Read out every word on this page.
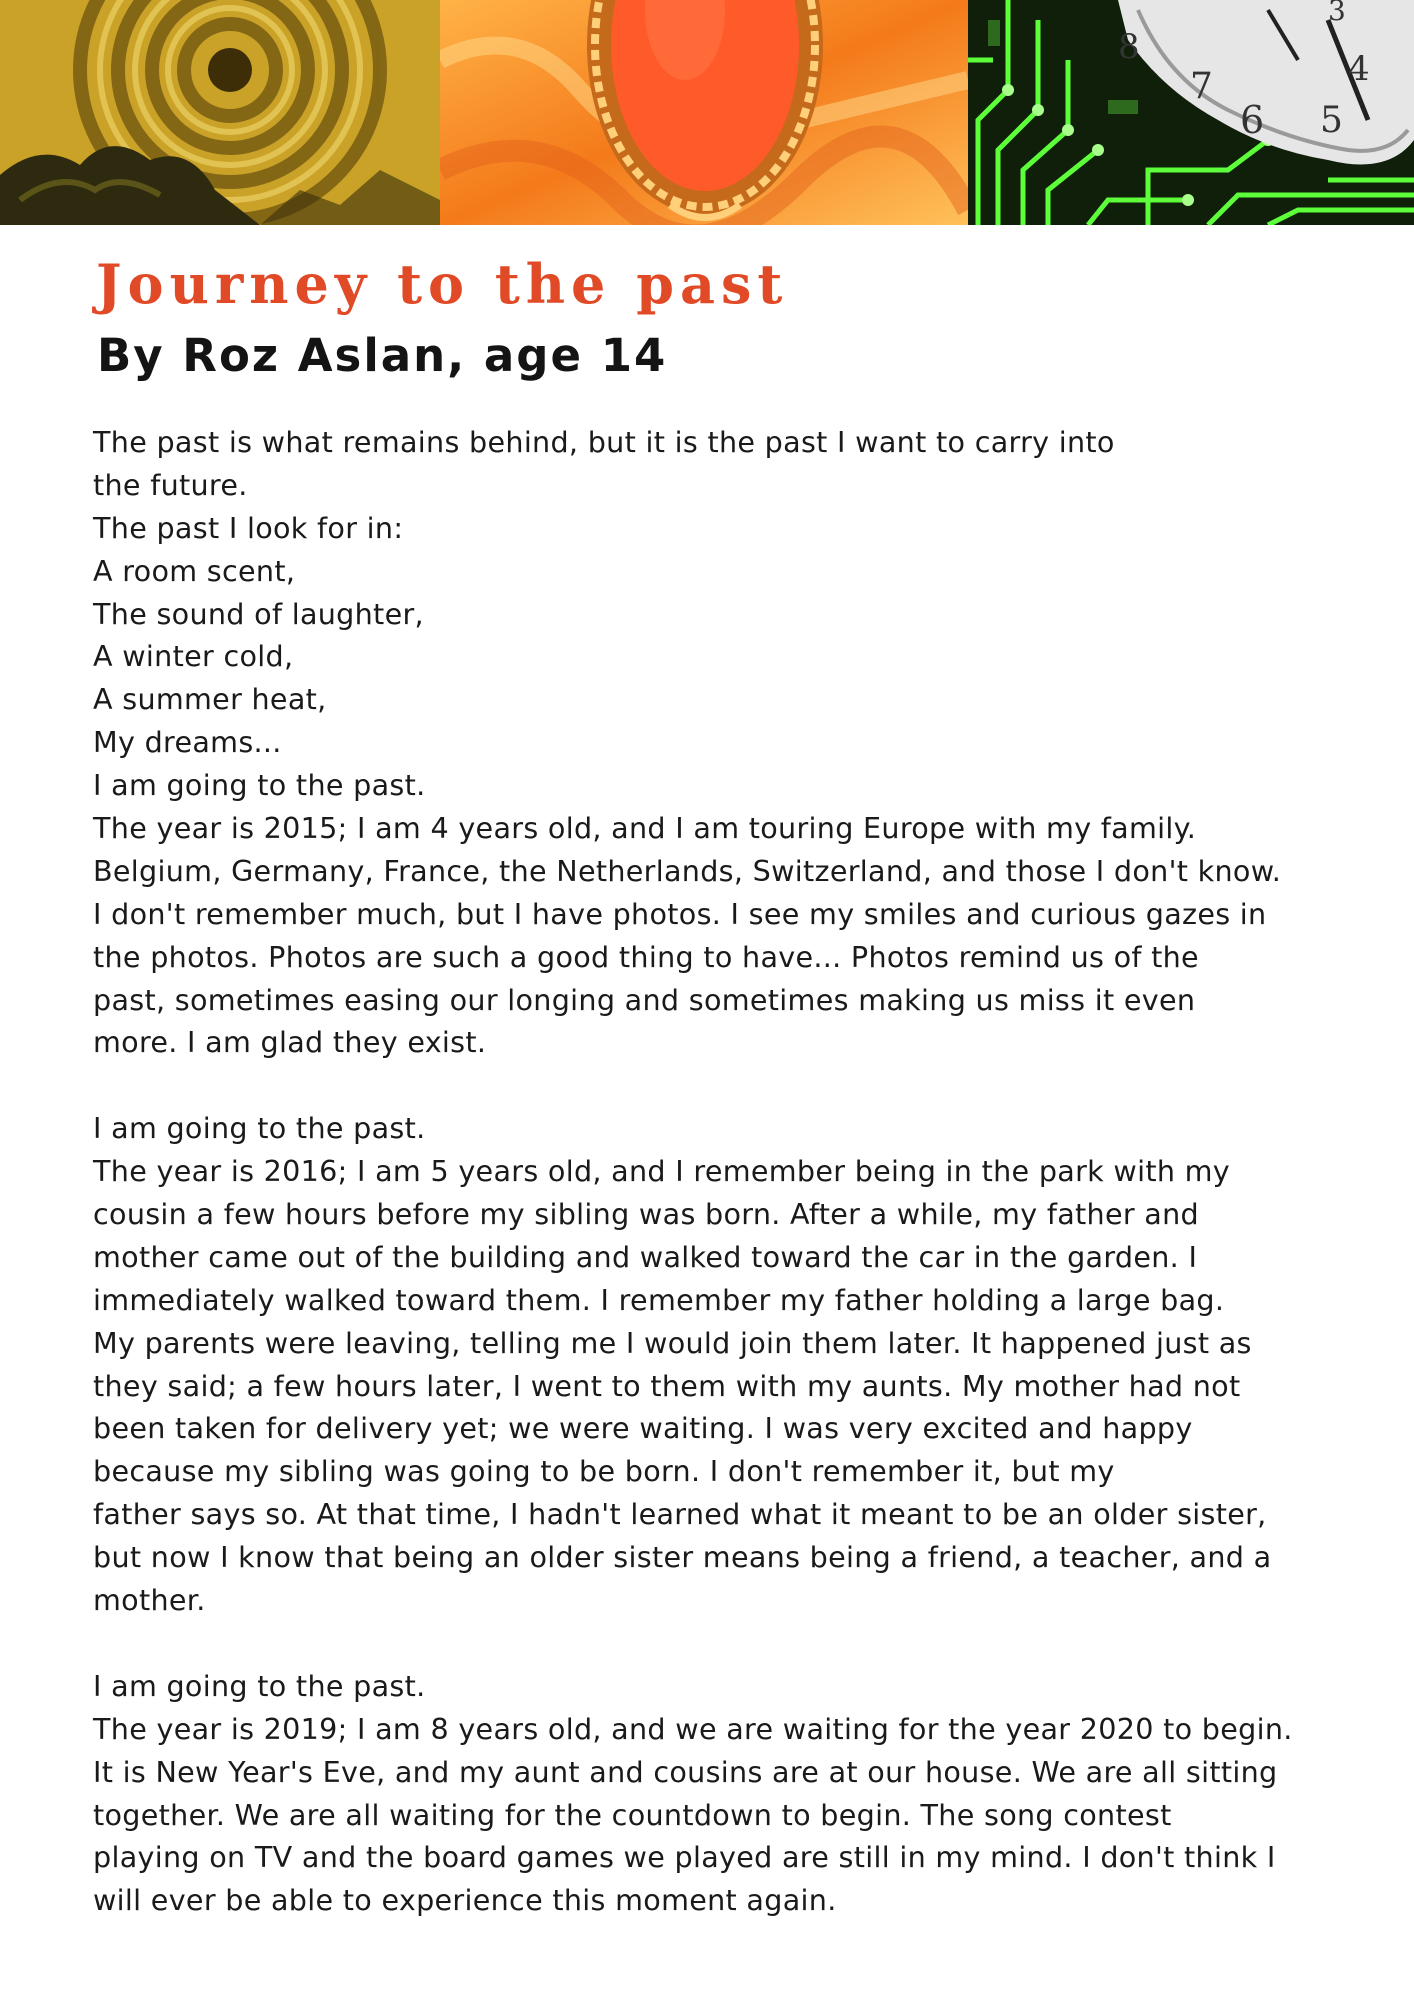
8
7
6 5
4
3
Journey to the past
By Roz Aslan, age 14
The past is what remains behind, but it is the past I want to carry into
the future.
The past I look for in:
A room scent,
The sound of laughter,
A winter cold,
A summer heat,
My dreams...
I am going to the past.
The year is 2015; I am 4 years old, and I am touring Europe with my family.
Belgium, Germany, France, the Netherlands, Switzerland, and those I don't know.
I don't remember much, but I have photos. I see my smiles and curious gazes in
the photos. Photos are such a good thing to have... Photos remind us of the
past, sometimes easing our longing and sometimes making us miss it even
more. I am glad they exist.
I am going to the past.
The year is 2016; I am 5 years old, and I remember being in the park with my
cousin a few hours before my sibling was born. After a while, my father and
mother came out of the building and walked toward the car in the garden. I
immediately walked toward them. I remember my father holding a large bag.
My parents were leaving, telling me I would join them later. It happened just as
they said; a few hours later, I went to them with my aunts. My mother had not
been taken for delivery yet; we were waiting. I was very excited and happy
because my sibling was going to be born. I don't remember it, but my
father says so. At that time, I hadn't learned what it meant to be an older sister,
but now I know that being an older sister means being a friend, a teacher, and a
mother.
I am going to the past.
The year is 2019; I am 8 years old, and we are waiting for the year 2020 to begin.
It is New Year's Eve, and my aunt and cousins are at our house. We are all sitting
together. We are all waiting for the countdown to begin. The song contest
playing on TV and the board games we played are still in my mind. I don't think I
will ever be able to experience this moment again.
